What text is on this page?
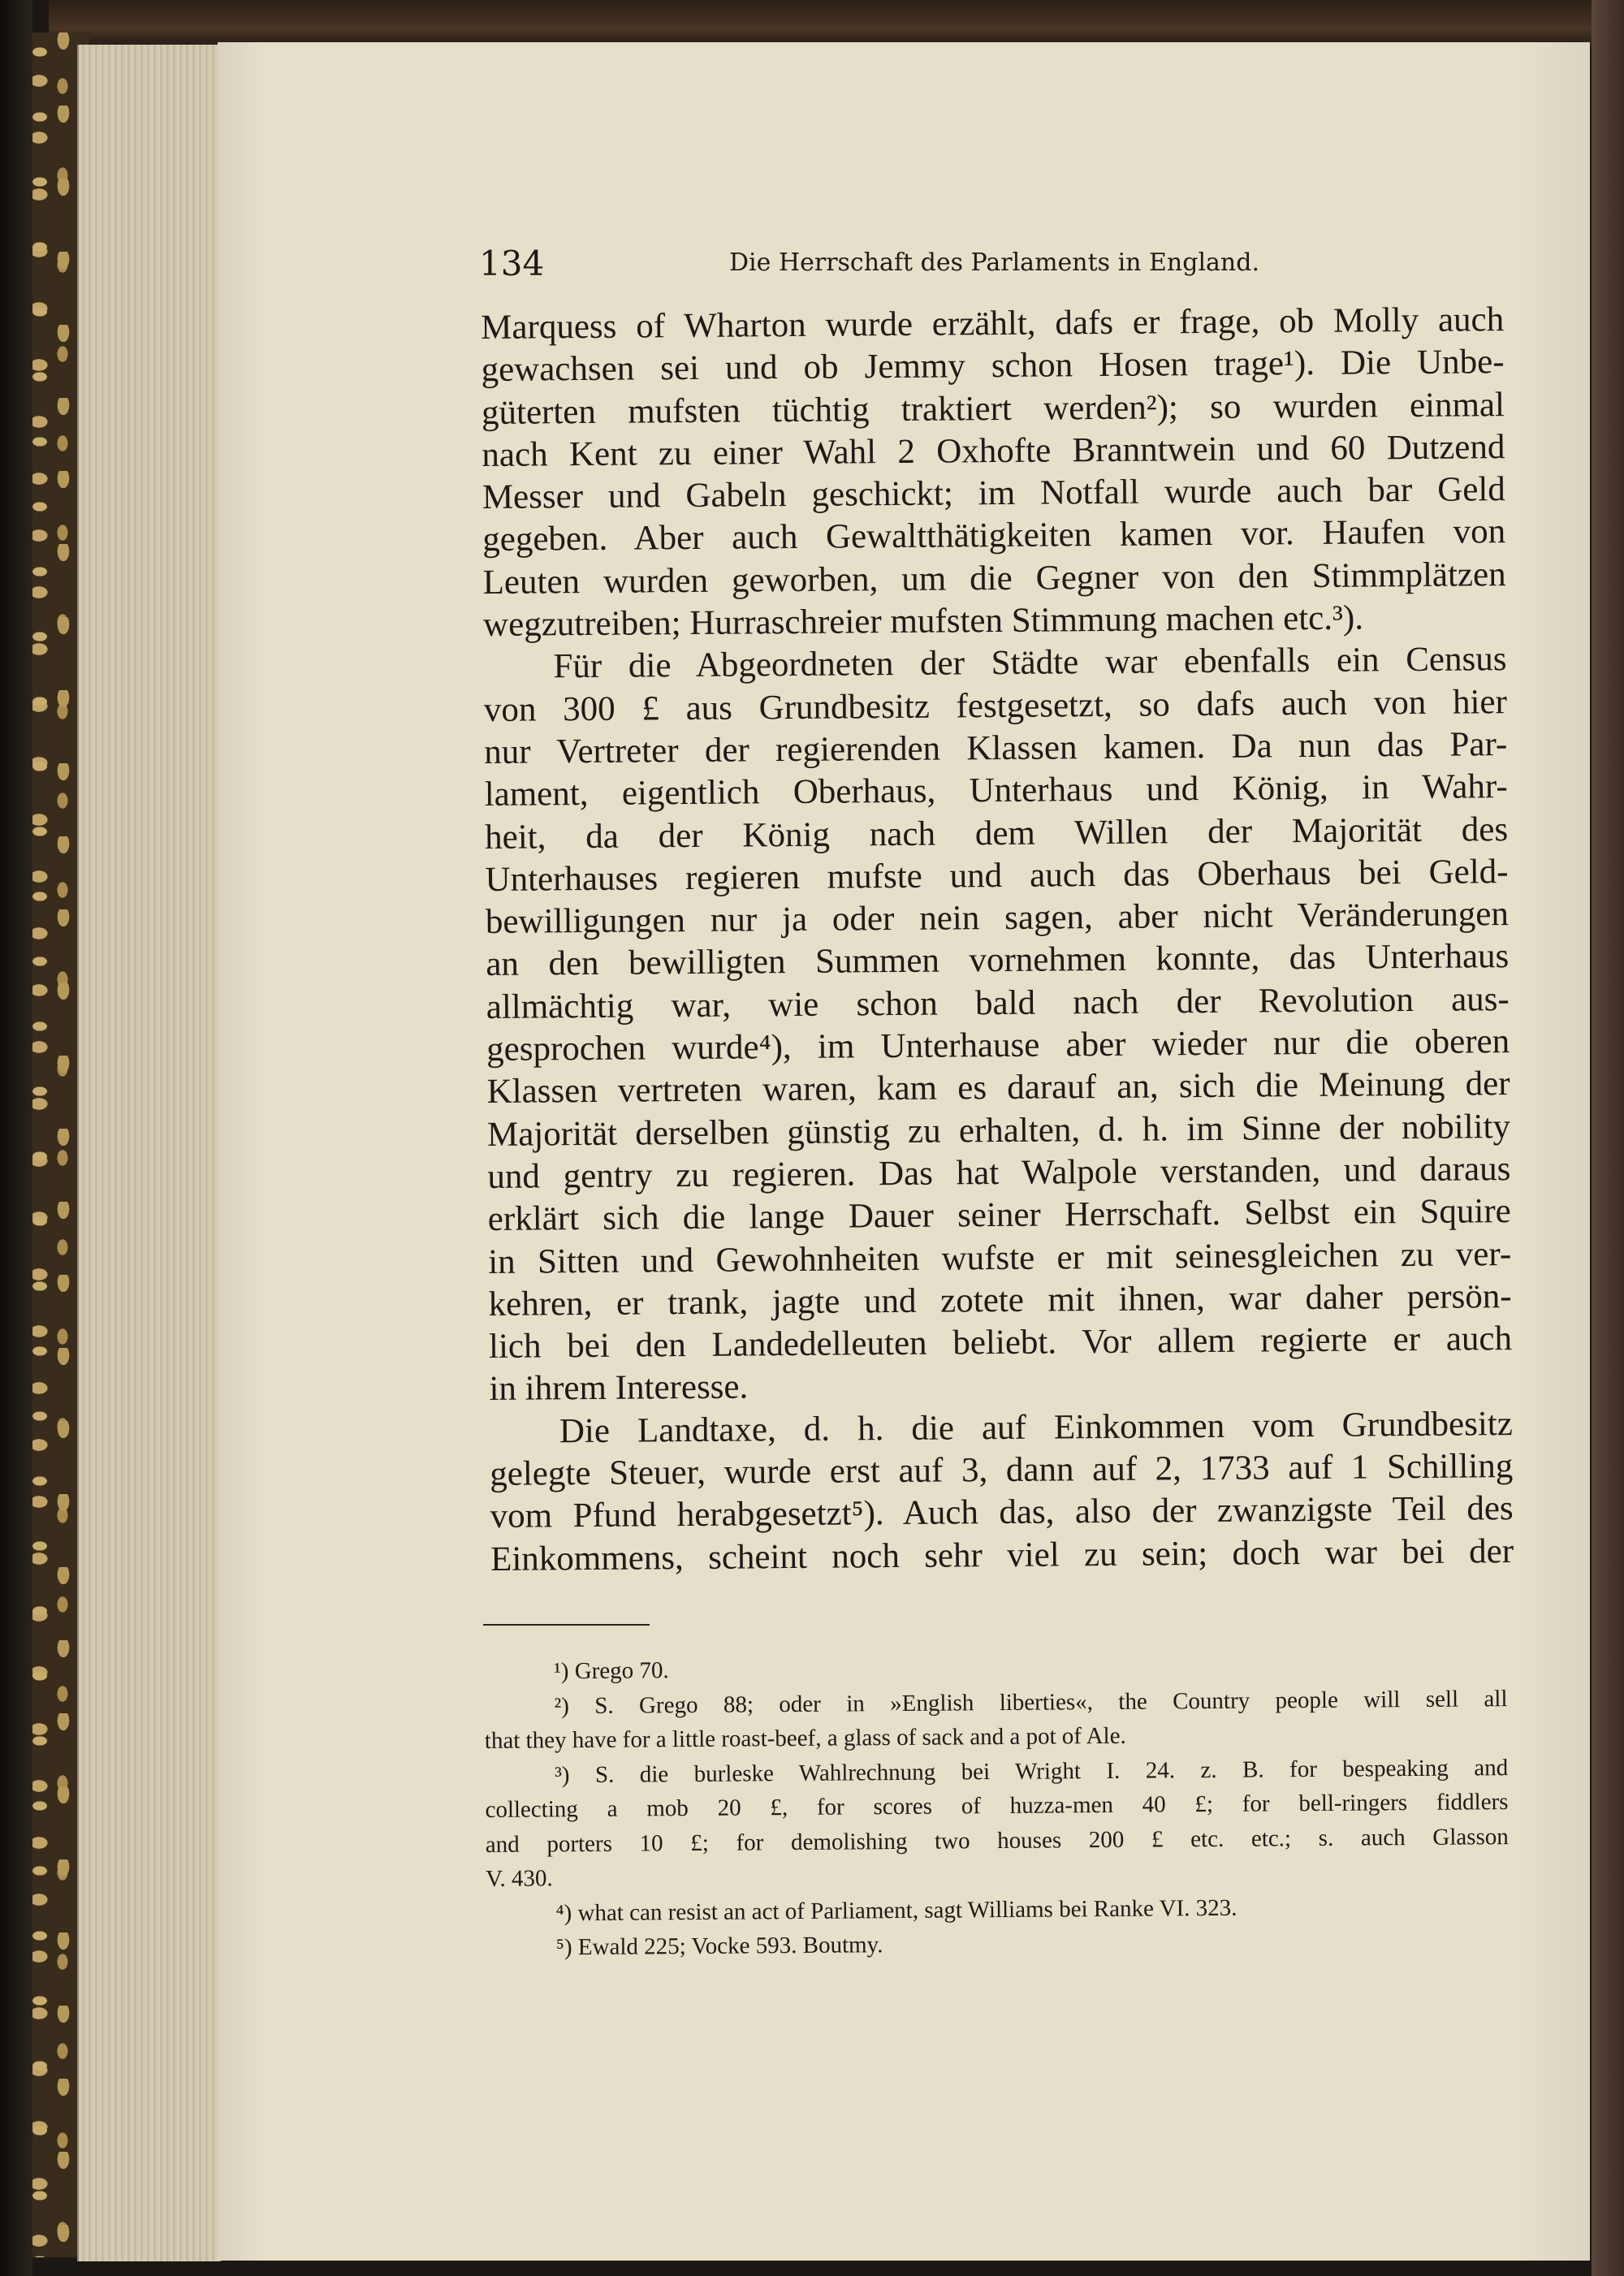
134	Die Herrschaft des Parlaments in England.
Marquess of Wharton wurde erzählt, dafs er frage, ob Molly auch
gewachsen sei und ob Jemmy schon Hosen trage¹). Die Unbe-
güterten mufsten tüchtig traktiert werden²); so wurden einmal
nach Kent zu einer Wahl 2 Oxhofte Branntwein und 60 Dutzend
Messer und Gabeln geschickt; im Notfall wurde auch bar Geld
gegeben. Aber auch Gewaltthätigkeiten kamen vor. Haufen von
Leuten wurden geworben, um die Gegner von den Stimmplätzen
wegzutreiben; Hurraschreier mufsten Stimmung machen etc.³).
Für die Abgeordneten der Städte war ebenfalls ein Census
von 300 £ aus Grundbesitz festgesetzt, so dafs auch von hier
nur Vertreter der regierenden Klassen kamen. Da nun das Par-
lament, eigentlich Oberhaus, Unterhaus und König, in Wahr-
heit, da der König nach dem Willen der Majorität des
Unterhauses regieren mufste und auch das Oberhaus bei Geld-
bewilligungen nur ja oder nein sagen, aber nicht Veränderungen
an den bewilligten Summen vornehmen konnte, das Unterhaus
allmächtig war, wie schon bald nach der Revolution aus-
gesprochen wurde⁴), im Unterhause aber wieder nur die oberen
Klassen vertreten waren, kam es darauf an, sich die Meinung der
Majorität derselben günstig zu erhalten, d. h. im Sinne der nobility
und gentry zu regieren. Das hat Walpole verstanden, und daraus
erklärt sich die lange Dauer seiner Herrschaft. Selbst ein Squire
in Sitten und Gewohnheiten wufste er mit seinesgleichen zu ver-
kehren, er trank, jagte und zotete mit ihnen, war daher persön-
lich bei den Landedelleuten beliebt. Vor allem regierte er auch
in ihrem Interesse.
Die Landtaxe, d. h. die auf Einkommen vom Grundbesitz
gelegte Steuer, wurde erst auf 3, dann auf 2, 1733 auf 1 Schilling
vom Pfund herabgesetzt⁵). Auch das, also der zwanzigste Teil des
Einkommens, scheint noch sehr viel zu sein; doch war bei der

¹) Grego 70.

²) S. Grego 88; oder in »English liberties«, the Country people will sell all
that they have for a little roast-beef, a glass of sack and a pot of Ale.
³) S. die burleske Wahlrechnung bei Wright I. 24. z. B. for bespeaking and
collecting a mob 20 £, for scores of huzza-men 40 £; for bell-ringers fiddlers
and porters 10 £; for demolishing two houses 200 £ etc. etc.; s. auch Glasson
V. 430.

⁴) what can resist an act of Parliament, sagt Williams bei Ranke VI. 323.

⁵) Ewald 225; Vocke 593. Boutmy.
